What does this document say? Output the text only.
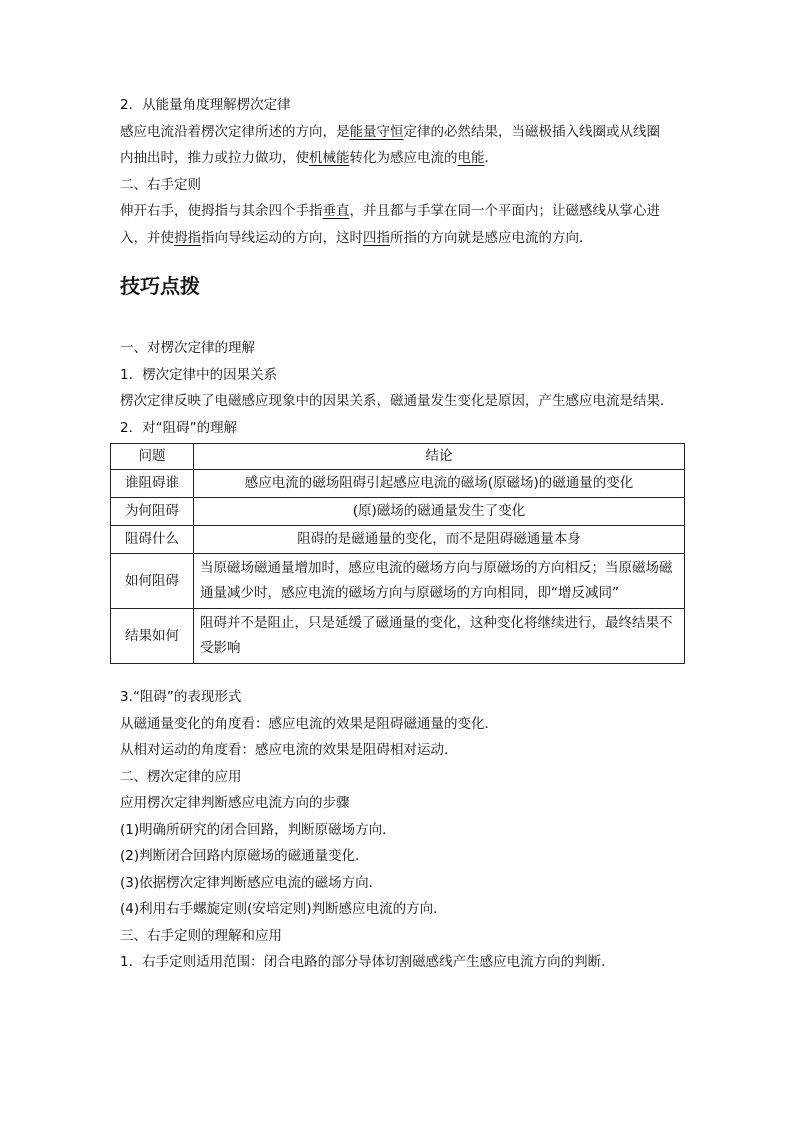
2．从能量角度理解楞次定律
感应电流沿着楞次定律所述的方向，是能量守恒定律的必然结果，当磁极插入线圈或从线圈
内抽出时，推力或拉力做功，使机械能转化为感应电流的电能．
二、右手定则
伸开右手，使拇指与其余四个手指垂直，并且都与手掌在同一个平面内；让磁感线从掌心进
入，并使拇指指向导线运动的方向，这时四指所指的方向就是感应电流的方向．
技巧点拨
一、对楞次定律的理解
1．楞次定律中的因果关系
楞次定律反映了电磁感应现象中的因果关系，磁通量发生变化是原因，产生感应电流是结果．
2．对“阻碍”的理解
问题	结论
谁阻碍谁	感应电流的磁场阻碍引起感应电流的磁场(原磁场)的磁通量的变化
为何阻碍	(原)磁场的磁通量发生了变化
阻碍什么	阻碍的是磁通量的变化，而不是阻碍磁通量本身
如何阻碍	当原磁场磁通量增加时，感应电流的磁场方向与原磁场的方向相反；当原磁场磁通量减少时，感应电流的磁场方向与原磁场的方向相同，即“增反减同”
结果如何	阻碍并不是阻止，只是延缓了磁通量的变化，这种变化将继续进行，最终结果不受影响
3.“阻碍”的表现形式
从磁通量变化的角度看：感应电流的效果是阻碍磁通量的变化．
从相对运动的角度看：感应电流的效果是阻碍相对运动．
二、楞次定律的应用
应用楞次定律判断感应电流方向的步骤
(1)明确所研究的闭合回路，判断原磁场方向．
(2)判断闭合回路内原磁场的磁通量变化．
(3)依据楞次定律判断感应电流的磁场方向．
(4)利用右手螺旋定则(安培定则)判断感应电流的方向．
三、右手定则的理解和应用
1．右手定则适用范围：闭合电路的部分导体切割磁感线产生感应电流方向的判断．
